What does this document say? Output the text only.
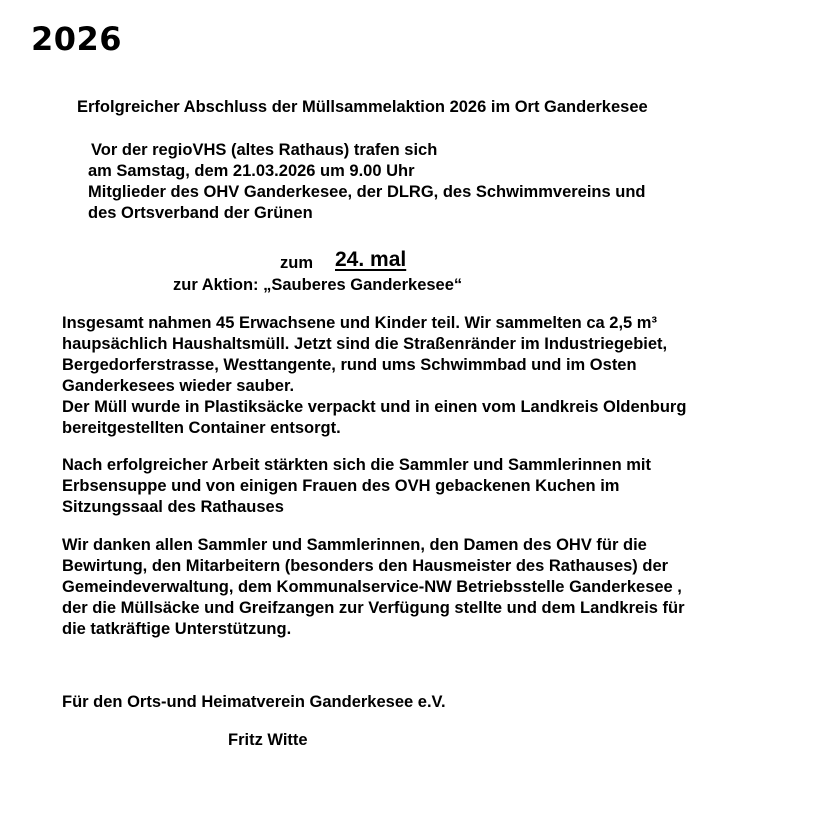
2026
Erfolgreicher Abschluss der Müllsammelaktion 2026 im Ort Ganderkesee
Vor der regioVHS (altes Rathaus) trafen sich
am Samstag, dem 21.03.2026 um 9.00 Uhr
Mitglieder des OHV Ganderkesee, der DLRG, des Schwimmvereins und
des Ortsverband der Grünen
zum 24. mal
zur Aktion: „Sauberes Ganderkesee“
Insgesamt nahmen 45 Erwachsene und Kinder teil. Wir sammelten ca 2,5 m³
haupsächlich Haushaltsmüll. Jetzt sind die Straßenränder im Industriegebiet,
Bergedorferstrasse, Westtangente, rund ums Schwimmbad und im Osten
Ganderkesees wieder sauber.
Der Müll wurde in Plastiksäcke verpackt und in einen vom Landkreis Oldenburg
bereitgestellten Container entsorgt.
Nach erfolgreicher Arbeit stärkten sich die Sammler und Sammlerinnen mit
Erbsensuppe und von einigen Frauen des OVH gebackenen Kuchen im
Sitzungssaal des Rathauses
Wir danken allen Sammler und Sammlerinnen, den Damen des OHV für die
Bewirtung, den Mitarbeitern (besonders den Hausmeister des Rathauses) der
Gemeindeverwaltung, dem Kommunalservice-NW Betriebsstelle Ganderkesee ,
der die Müllsäcke und Greifzangen zur Verfügung stellte und dem Landkreis für
die tatkräftige Unterstützung.
Für den Orts-und Heimatverein Ganderkesee e.V.
Fritz Witte
